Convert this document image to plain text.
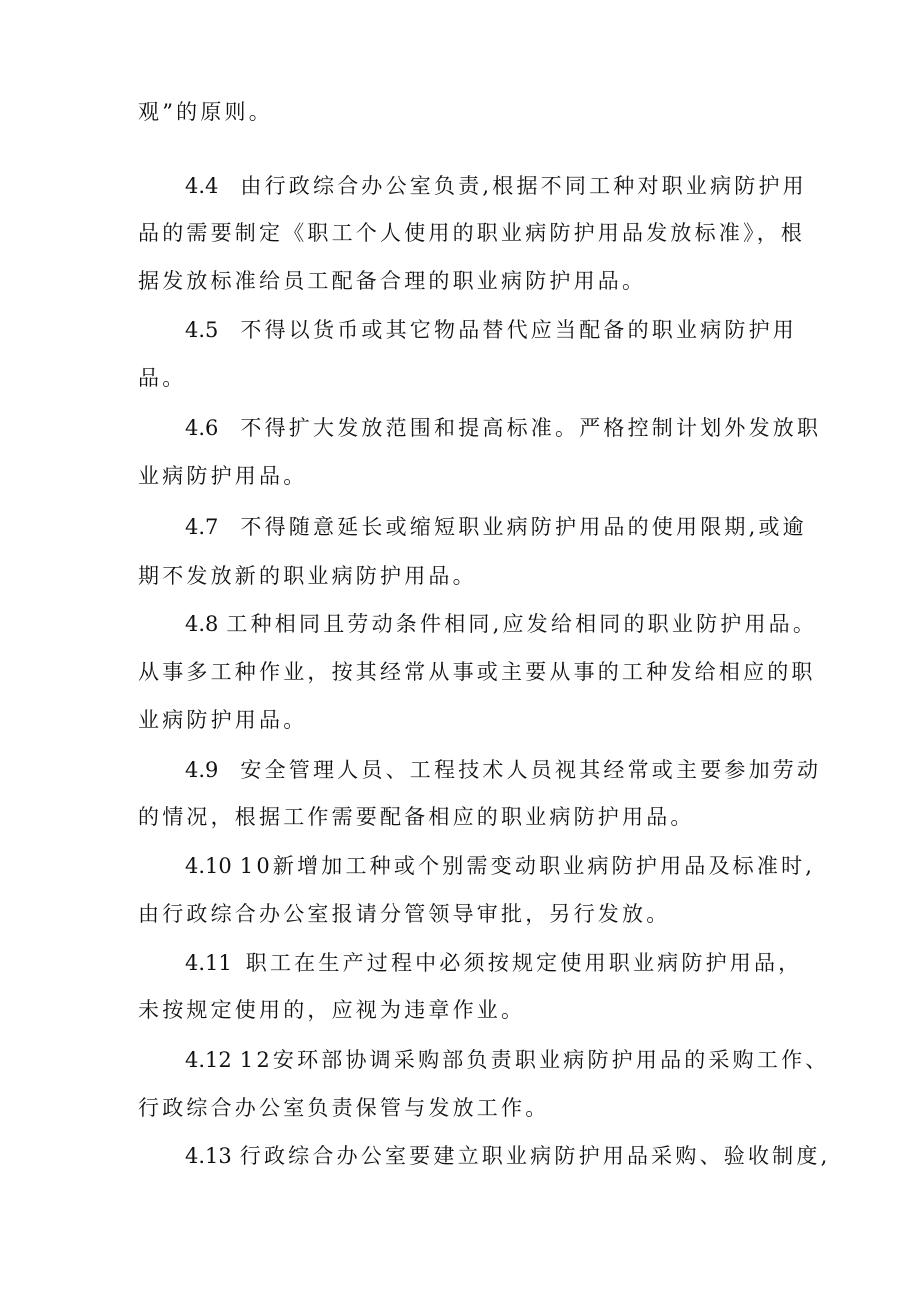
观”的原则。
4.4 由行政综合办公室负责,根据不同工种对职业病防护用
品的需要制定《职工个人使用的职业病防护用品发放标准》，根
据发放标准给员工配备合理的职业病防护用品。
4.5 不得以货币或其它物品替代应当配备的职业病防护用
品。
4.6 不得扩大发放范围和提高标准。严格控制计划外发放职
业病防护用品。
4.7 不得随意延长或缩短职业病防护用品的使用限期,或逾
期不发放新的职业病防护用品。
4.8 工种相同且劳动条件相同,应发给相同的职业防护用品。
从事多工种作业，按其经常从事或主要从事的工种发给相应的职
业病防护用品。
4.9 安全管理人员、工程技术人员视其经常或主要参加劳动
的情况，根据工作需要配备相应的职业病防护用品。
4.10 10新增加工种或个别需变动职业病防护用品及标准时,
由行政综合办公室报请分管领导审批，另行发放。
4.11 职工在生产过程中必须按规定使用职业病防护用品，
未按规定使用的，应视为违章作业。
4.12 12安环部协调采购部负责职业病防护用品的采购工作、
行政综合办公室负责保管与发放工作。
4.13 行政综合办公室要建立职业病防护用品采购、验收制度,
